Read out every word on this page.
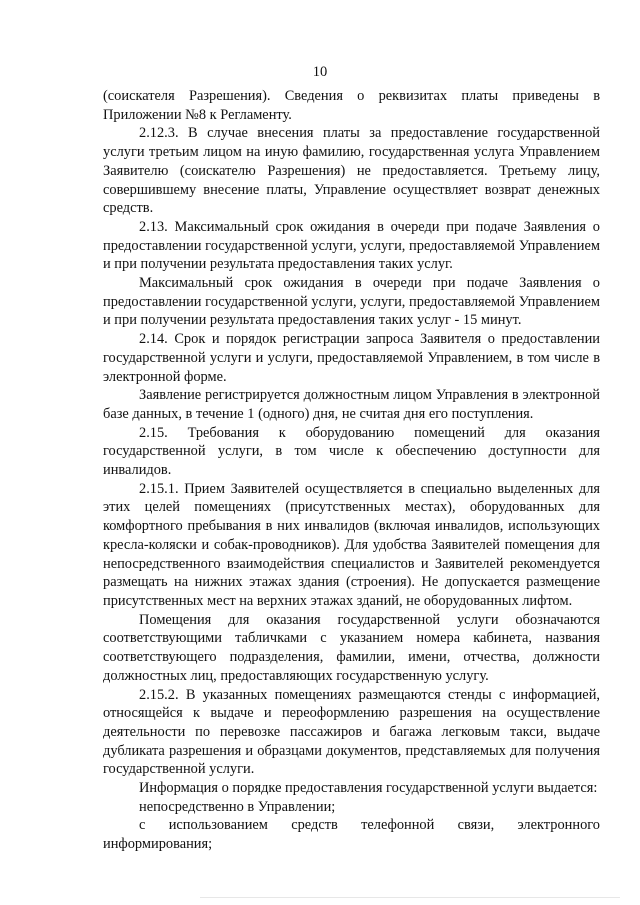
10

(соискателя Разрешения). Сведения о реквизитах платы приведены в Приложении №8 к Регламенту.

2.12.3. В случае внесения платы за предоставление государственной услуги третьим лицом на иную фамилию, государственная услуга Управлением Заявителю (соискателю Разрешения) не предоставляется. Третьему лицу, совершившему внесение платы, Управление осуществляет возврат денежных средств.

2.13. Максимальный срок ожидания в очереди при подаче Заявления о предоставлении государственной услуги, услуги, предоставляемой Управлением и при получении результата предоставления таких услуг.

Максимальный срок ожидания в очереди при подаче Заявления о предоставлении государственной услуги, услуги, предоставляемой Управлением и при получении результата предоставления таких услуг - 15 минут.

2.14. Срок и порядок регистрации запроса Заявителя о предоставлении государственной услуги и услуги, предоставляемой Управлением, в том числе в электронной форме.

Заявление регистрируется должностным лицом Управления в электронной базе данных, в течение 1 (одного) дня, не считая дня его поступления.

2.15. Требования к оборудованию помещений для оказания государственной услуги, в том числе к обеспечению доступности для инвалидов.

2.15.1. Прием Заявителей осуществляется в специально выделенных для этих целей помещениях (присутственных местах), оборудованных для комфортного пребывания в них инвалидов (включая инвалидов, использующих кресла-коляски и собак-проводников). Для удобства Заявителей помещения для непосредственного взаимодействия специалистов и Заявителей рекомендуется размещать на нижних этажах здания (строения). Не допускается размещение присутственных мест на верхних этажах зданий, не оборудованных лифтом.

Помещения для оказания государственной услуги обозначаются соответствующими табличками с указанием номера кабинета, названия соответствующего подразделения, фамилии, имени, отчества, должности должностных лиц, предоставляющих государственную услугу.

2.15.2. В указанных помещениях размещаются стенды с информацией, относящейся к выдаче и переоформлению разрешения на осуществление деятельности по перевозке пассажиров и багажа легковым такси, выдаче дубликата разрешения и образцами документов, представляемых для получения государственной услуги.

Информация о порядке предоставления государственной услуги выдается:

непосредственно в Управлении;

с использованием средств телефонной связи, электронного информирования;
